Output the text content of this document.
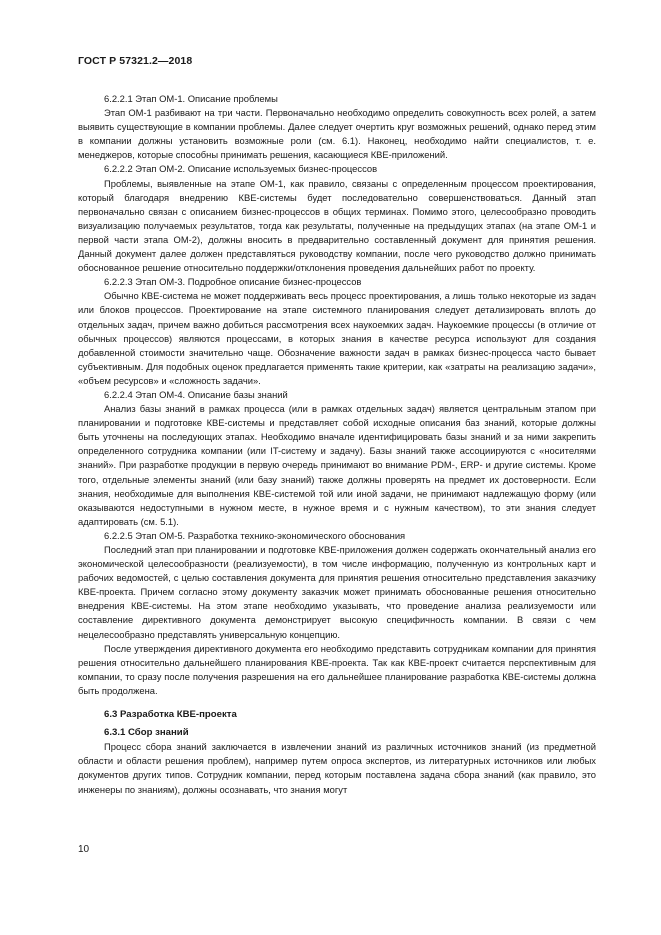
ГОСТ Р 57321.2—2018

6.2.2.1 Этап ОМ-1. Описание проблемы

Этап ОМ-1 разбивают на три части. Первоначально необходимо определить совокупность всех ролей, а затем выявить существующие в компании проблемы. Далее следует очертить круг возможных решений, однако перед этим в компании должны установить возможные роли (см. 6.1). Наконец, необходимо найти специалистов, т. е. менеджеров, которые способны принимать решения, касающиеся КВЕ-приложений.

6.2.2.2 Этап ОМ-2. Описание используемых бизнес-процессов

Проблемы, выявленные на этапе ОМ-1, как правило, связаны с определенным процессом проектирования, который благодаря внедрению КВЕ-системы будет последовательно совершенствоваться. Данный этап первоначально связан с описанием бизнес-процессов в общих терминах. Помимо этого, целесообразно проводить визуализацию получаемых результатов, тогда как результаты, полученные на предыдущих этапах (на этапе ОМ-1 и первой части этапа ОМ-2), должны вносить в предварительно составленный документ для принятия решения. Данный документ далее должен представляться руководству компании, после чего руководство должно принимать обоснованное решение относительно поддержки/отклонения проведения дальнейших работ по проекту.

6.2.2.3 Этап ОМ-3. Подробное описание бизнес-процессов

Обычно КВЕ-система не может поддерживать весь процесс проектирования, а лишь только некоторые из задач или блоков процессов. Проектирование на этапе системного планирования следует детализировать вплоть до отдельных задач, причем важно добиться рассмотрения всех наукоемких задач. Наукоемкие процессы (в отличие от обычных процессов) являются процессами, в которых знания в качестве ресурса используют для создания добавленной стоимости значительно чаще. Обозначение важности задач в рамках бизнес-процесса часто бывает субъективным. Для подобных оценок предлагается применять такие критерии, как «затраты на реализацию задачи», «объем ресурсов» и «сложность задачи».

6.2.2.4 Этап ОМ-4. Описание базы знаний

Анализ базы знаний в рамках процесса (или в рамках отдельных задач) является центральным этапом при планировании и подготовке КВЕ-системы и представляет собой исходные описания баз знаний, которые должны быть уточнены на последующих этапах. Необходимо вначале идентифицировать базы знаний и за ними закрепить определенного сотрудника компании (или IT-систему и задачу). Базы знаний также ассоциируются с «носителями знаний». При разработке продукции в первую очередь принимают во внимание PDM-, ERP- и другие системы. Кроме того, отдельные элементы знаний (или базу знаний) также должны проверять на предмет их достоверности. Если знания, необходимые для выполнения КВЕ-системой той или иной задачи, не принимают надлежащую форму (или оказываются недоступными в нужном месте, в нужное время и с нужным качеством), то эти знания следует адаптировать (см. 5.1).

6.2.2.5 Этап ОМ-5. Разработка технико-экономического обоснования

Последний этап при планировании и подготовке КВЕ-приложения должен содержать окончательный анализ его экономической целесообразности (реализуемости), в том числе информацию, полученную из контрольных карт и рабочих ведомостей, с целью составления документа для принятия решения относительно представления заказчику КВЕ-проекта. Причем согласно этому документу заказчик может принимать обоснованные решения относительно внедрения КВЕ-системы. На этом этапе необходимо указывать, что проведение анализа реализуемости или составление директивного документа демонстрирует высокую специфичность компании. В связи с чем нецелесообразно представлять универсальную концепцию.

После утверждения директивного документа его необходимо представить сотрудникам компании для принятия решения относительно дальнейшего планирования КВЕ-проекта. Так как КВЕ-проект считается перспективным для компании, то сразу после получения разрешения на его дальнейшее планирование разработка КВЕ-системы должна быть продолжена.

6.3 Разработка КВЕ-проекта
6.3.1 Сбор знаний

Процесс сбора знаний заключается в извлечении знаний из различных источников знаний (из предметной области и области решения проблем), например путем опроса экспертов, из литературных источников или любых документов других типов. Сотрудник компании, перед которым поставлена задача сбора знаний (как правило, это инженеры по знаниям), должны осознавать, что знания могут

10
